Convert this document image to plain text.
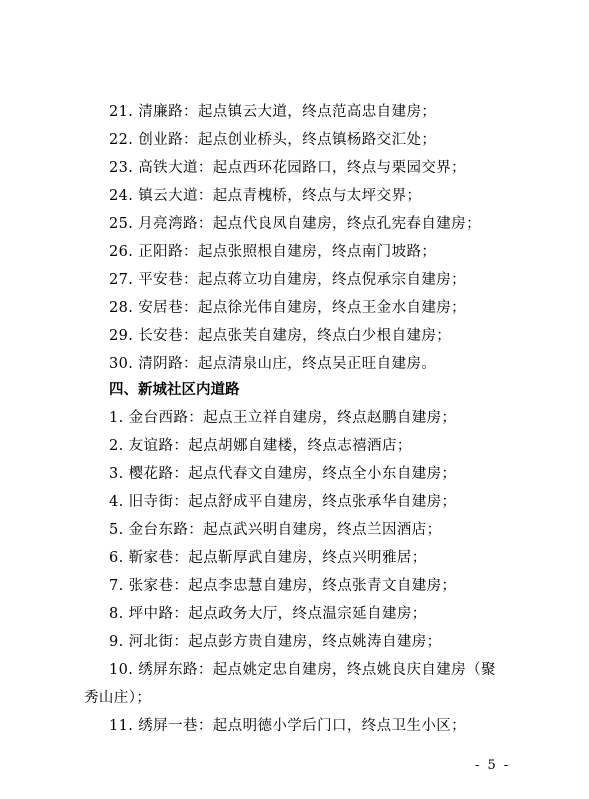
21. 清廉路：起点镇云大道，终点范高忠自建房；
22. 创业路：起点创业桥头，终点镇杨路交汇处；
23. 高铁大道：起点西环花园路口，终点与栗园交界；
24. 镇云大道：起点青槐桥，终点与太坪交界；
25. 月亮湾路：起点代良凤自建房，终点孔宪春自建房；
26. 正阳路：起点张照根自建房，终点南门坡路；
27. 平安巷：起点蒋立功自建房，终点倪承宗自建房；
28. 安居巷：起点徐光伟自建房，终点王金水自建房；
29. 长安巷：起点张芙自建房，终点白少根自建房；
30. 清阴路：起点清泉山庄，终点吴正旺自建房。
四、新城社区内道路
1. 金台西路：起点王立祥自建房，终点赵鹏自建房；
2. 友谊路：起点胡娜自建楼，终点志禧酒店；
3. 樱花路：起点代春文自建房，终点全小东自建房；
4. 旧寺街：起点舒成平自建房，终点张承华自建房；
5. 金台东路：起点武兴明自建房，终点兰因酒店；
6. 靳家巷：起点靳厚武自建房，终点兴明雅居；
7. 张家巷：起点李忠慧自建房，终点张青文自建房；
8. 坪中路：起点政务大厅，终点温宗延自建房；
9. 河北街：起点彭方贵自建房，终点姚涛自建房；
10. 绣屏东路：起点姚定忠自建房，终点姚良庆自建房（聚
秀山庄）；
11. 绣屏一巷：起点明德小学后门口，终点卫生小区；
- 5 -
